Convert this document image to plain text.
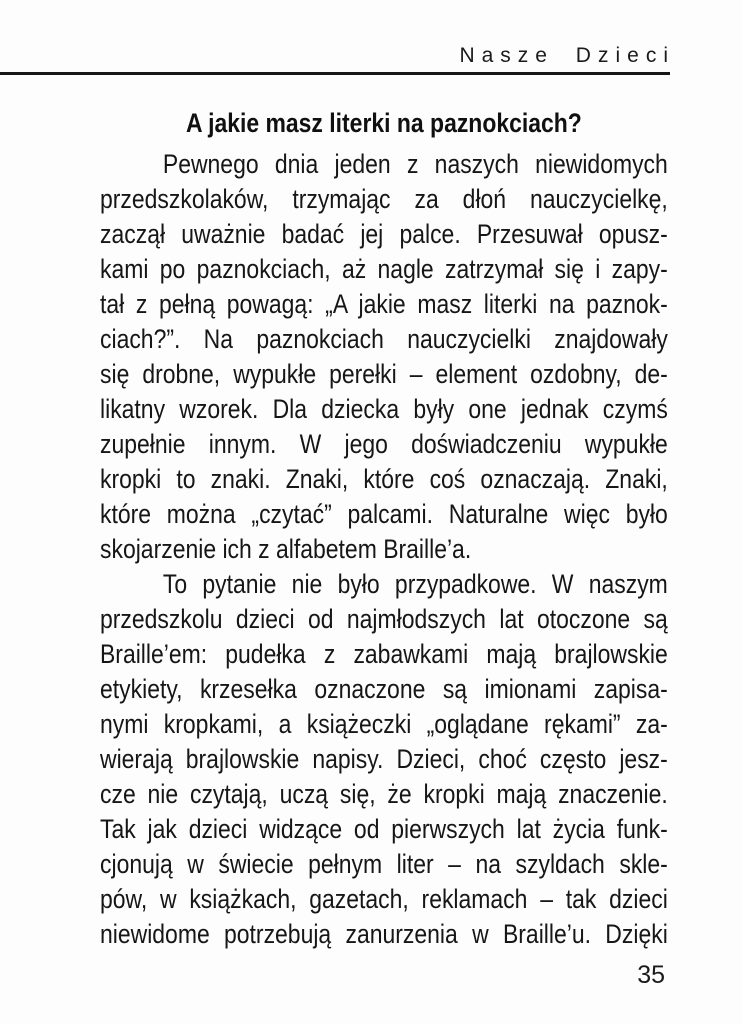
Nasze Dzieci
A jakie masz literki na paznokciach?
Pewnego dnia jeden z naszych niewidomych
przedszkolaków, trzymając za dłoń nauczycielkę,
zaczął uważnie badać jej palce. Przesuwał opusz-
kami po paznokciach, aż nagle zatrzymał się i zapy-
tał z pełną powagą: „A jakie masz literki na paznok-
ciach?”. Na paznokciach nauczycielki znajdowały
się drobne, wypukłe perełki – element ozdobny, de-
likatny wzorek. Dla dziecka były one jednak czymś
zupełnie innym. W jego doświadczeniu wypukłe
kropki to znaki. Znaki, które coś oznaczają. Znaki,
które można „czytać” palcami. Naturalne więc było
skojarzenie ich z alfabetem Braille’a.
To pytanie nie było przypadkowe. W naszym
przedszkolu dzieci od najmłodszych lat otoczone są
Braille’em: pudełka z zabawkami mają brajlowskie
etykiety, krzesełka oznaczone są imionami zapisa-
nymi kropkami, a książeczki „oglądane rękami” za-
wierają brajlowskie napisy. Dzieci, choć często jesz-
cze nie czytają, uczą się, że kropki mają znaczenie.
Tak jak dzieci widzące od pierwszych lat życia funk-
cjonują w świecie pełnym liter – na szyldach skle-
pów, w książkach, gazetach, reklamach – tak dzieci
niewidome potrzebują zanurzenia w Braille’u. Dzięki
35
